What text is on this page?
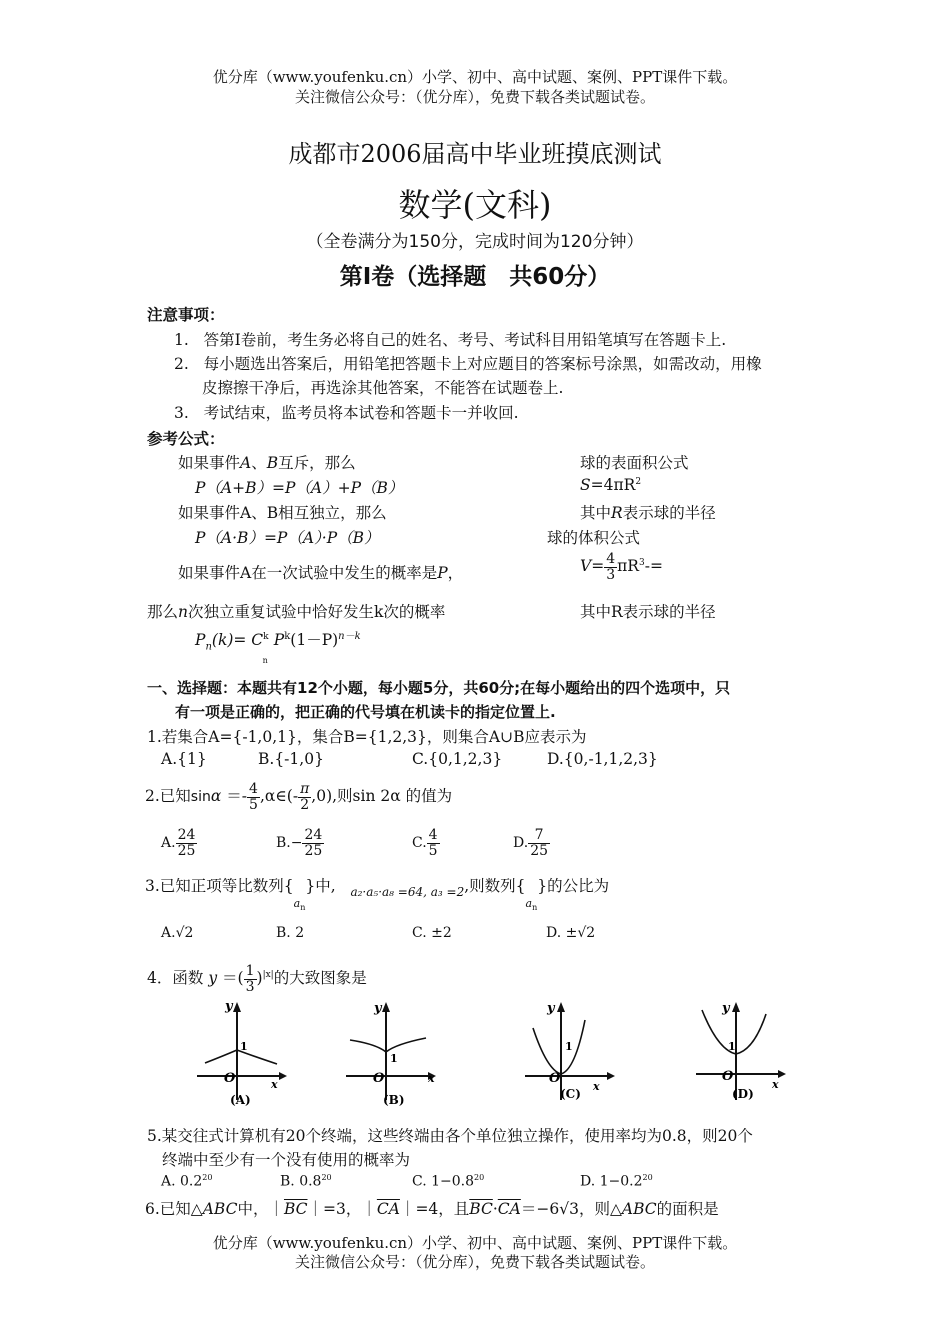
优分库（www.youfenku.cn）小学、初中、高中试题、案例、PPT课件下载。
关注微信公众号：（优分库），免费下载各类试题试卷。
成都市2006届高中毕业班摸底测试
数学(文科)
（全卷满分为150分，完成时间为120分钟）
第Ⅰ卷（选择题　共60分）
注意事项：
1. 答第Ⅰ卷前，考生务必将自己的姓名、考号、考试科目用铅笔填写在答题卡上.
2. 每小题选出答案后，用铅笔把答题卡上对应题目的答案标号涂黑，如需改动，用橡
皮擦擦干净后，再选涂其他答案，不能答在试题卷上.
3. 考试结束，监考员将本试卷和答题卡一并收回.
参考公式：
如果事件A、B互斥，那么
P（A+B）=P（A）+P（B）
如果事件A、B相互独立，那么
P（A·B）=P（A）·P（B）
如果事件A在一次试验中发生的概率是P，
那么n次独立重复试验中恰好发生k次的概率
$P_n(k)= C^k_nP^k(1-P)^{n-k}$
球的表面积公式
$S=4\pi R^2$
其中R表示球的半径
球的体积公式
$V= \frac{4}{3} \pi R^3-=$
其中R表示球的半径
一、选择题：本题共有12个小题，每小题5分，共60分;在每小题给出的四个选项中，只
有一项是正确的，把正确的代号填在机读卡的指定位置上.
1.若集合A={-1,0,1}，集合B={1,2,3}，则集合A∪B应表示为
A.{1}	B.{-1,0}	C.{0,1,2,3}	D.{0,-1,1,2,3}
2.已知$\sin\alpha =- \frac{4}{5}$ ,α∈(- $\frac{\pi}{2} ,0$),则sin 2α 的值为
A. $\frac{24}{25}$	$B.- \frac{24}{25}$	C. $\frac{4}{5}$	D. $\frac{7}{25}$
3.已知正项等比数列$\{_{a_n}\}$中, $_{a_2\cdot a_5\cdot a_8 =64, a_3 =2}$,则数列$\{_{a_n}\}$的公比为
A.√2	B. 2	C. ±2	D. ±√2
4．函数 y ＝( $\frac{1}{3} )^{|x|}$的大致图象是
y
1
O	x
(A)
y
1
O	x
(B)
y
1
O
x
(C)
y
1
O
x
(D)
5.某交往式计算机有20个终端，这些终端由各个单位独立操作，使用率均为0.8，则20个
终端中至少有一个没有使用的概率为
A. $0.2^{20}$	B. $0.8^{20}$	C. $1-0.8^{20}$	D. $1-0.2^{20}$
6.已知△ABC中，$|\overline{BC}|=3$，$|\overline{CA}|=4$，且$\overline{BC}\cdot\overline{CA}=-6√3$，则△ABC的面积是
优分库（www.youfenku.cn）小学、初中、高中试题、案例、PPT课件下载。
关注微信公众号：（优分库），免费下载各类试题试卷。
